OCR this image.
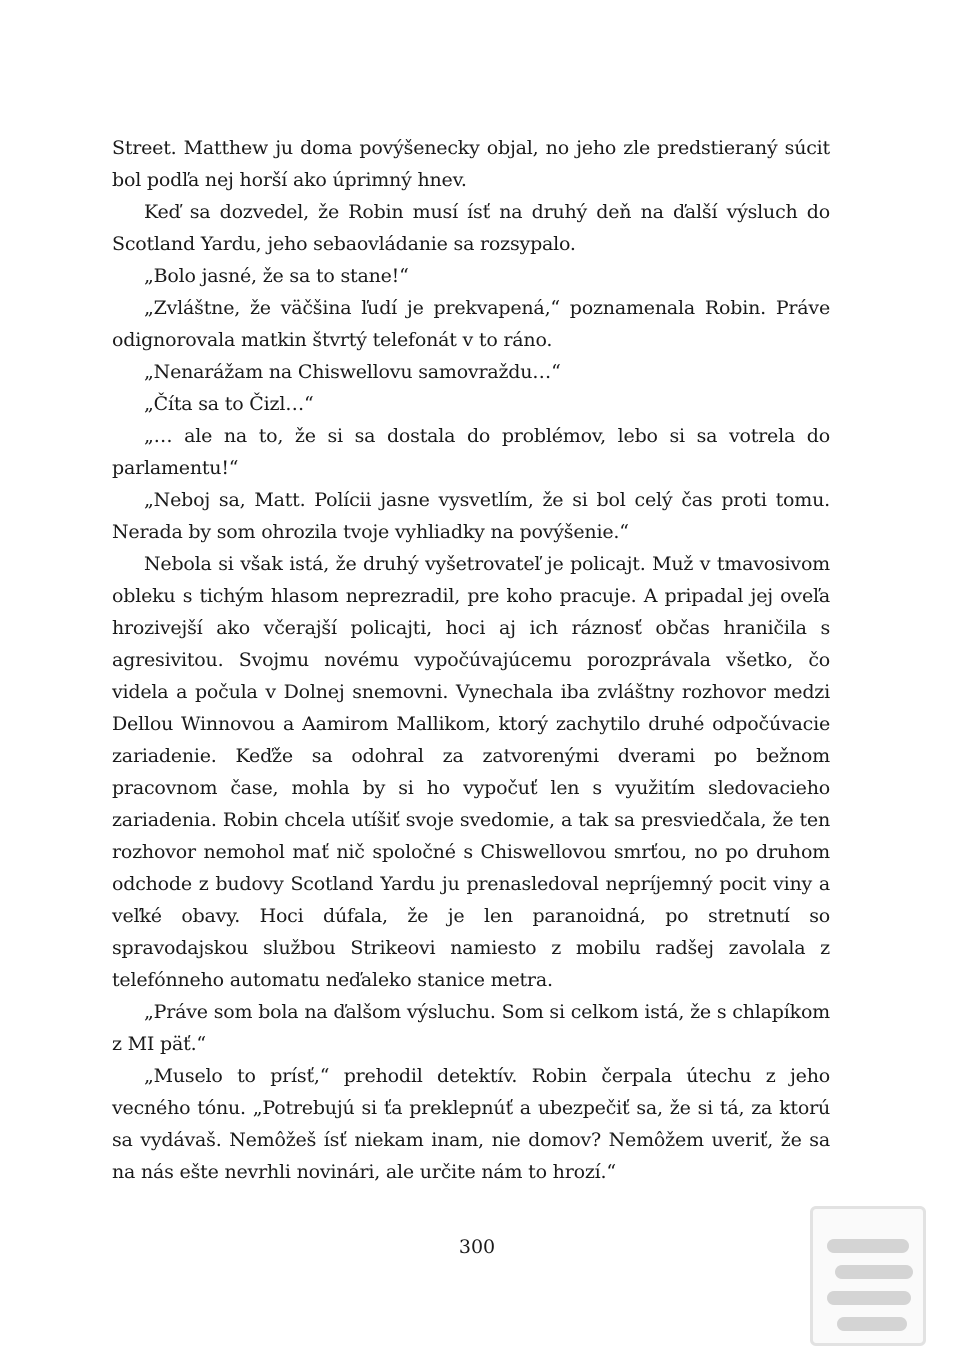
Street. Matthew ju doma povýšenecky objal, no jeho zle predstieraný súcit bol podľa nej horší ako úprimný hnev.

Keď sa dozvedel, že Robin musí ísť na druhý deň na ďalší výsluch do Scotland Yardu, jeho sebaovládanie sa rozsypalo.

„Bolo jasné, že sa to stane!“

„Zvláštne, že väčšina ľudí je prekvapená,“ poznamenala Robin. Práve odignorovala matkin štvrtý telefonát v to ráno.

„Nenarážam na Chiswellovu samovraždu…“

„Číta sa to Čizl…“

„… ale na to, že si sa dostala do problémov, lebo si sa votrela do parlamentu!“

„Neboj sa, Matt. Polícii jasne vysvetlím, že si bol celý čas proti tomu. Nerada by som ohrozila tvoje vyhliadky na povýšenie.“

Nebola si však istá, že druhý vyšetrovateľ je policajt. Muž v tmavosivom obleku s tichým hlasom neprezradil, pre koho pracuje. A pripadal jej oveľa hrozivejší ako včerajší policajti, hoci aj ich ráznosť občas hraničila s agresivitou. Svojmu novému vypočúvajúcemu porozprávala všetko, čo videla a počula v Dolnej snemovni. Vynechala iba zvláštny rozhovor medzi Dellou Winnovou a Aamirom Mallikom, ktorý zachytilo druhé odpočúvacie zariadenie. Keďže sa odohral za zatvorenými dverami po bežnom pracovnom čase, mohla by si ho vypočuť len s využitím sledovacieho zariadenia. Robin chcela utíšiť svoje svedomie, a tak sa presviedčala, že ten rozhovor nemohol mať nič spoločné s Chiswellovou smrťou, no po druhom odchode z budovy Scotland Yardu ju prenasledoval nepríjemný pocit viny a veľké obavy. Hoci dúfala, že je len paranoidná, po stretnutí so spravodajskou službou Strikeovi namiesto z mobilu radšej zavolala z telefónneho automatu neďaleko stanice metra.

„Práve som bola na ďalšom výsluchu. Som si celkom istá, že s chlapíkom z MI päť.“

„Muselo to prísť,“ prehodil detektív. Robin čerpala útechu z jeho vecného tónu. „Potrebujú si ťa preklepnúť a ubezpečiť sa, že si tá, za ktorú sa vydávaš. Nemôžeš ísť niekam inam, nie domov? Nemôžem uveriť, že sa na nás ešte nevrhli novinári, ale určite nám to hrozí.“

300
